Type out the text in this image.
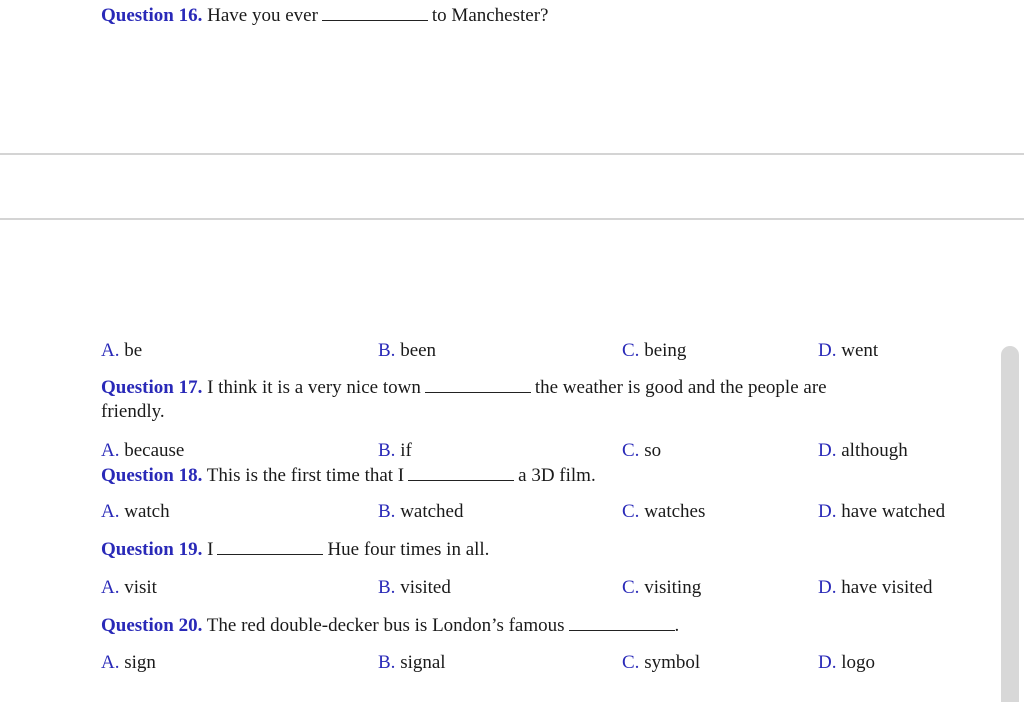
Question 16. Have you ever	to Manchester?
A. be	B. been	C. being	D. went
Question 17. I think it is a very nice town	the weather is good and the people are
friendly.
A. because	B. if	C. so	D. although
Question 18. This is the first time that I	a 3D film.
A. watch	B. watched	C. watches	D. have watched
Question 19. I	Hue four times in all.
A. visit	B. visited	C. visiting	D. have visited
Question 20. The red double-decker bus is London’s famous	.
A. sign	B. signal	C. symbol	D. logo
